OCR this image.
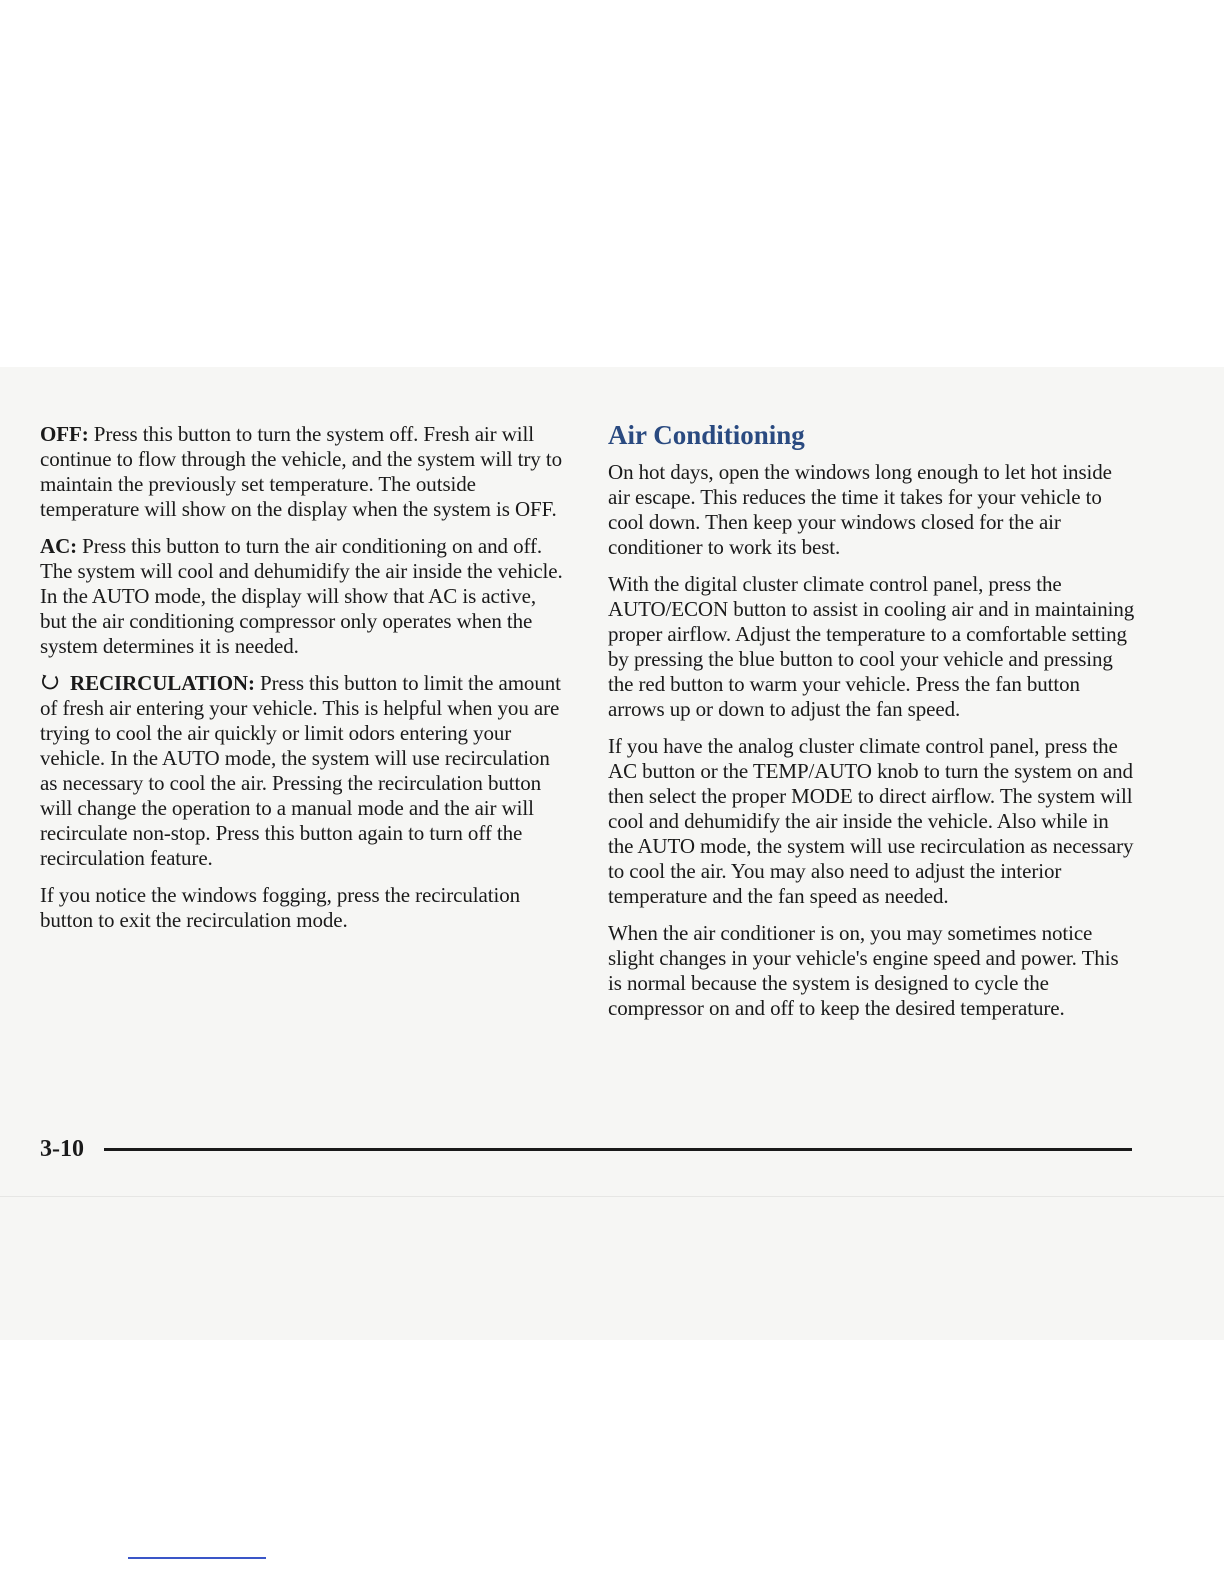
OFF: Press this button to turn the system off. Fresh air will continue to flow through the vehicle, and the system will try to maintain the previously set temperature. The outside temperature will show on the display when the system is OFF.

AC: Press this button to turn the air conditioning on and off. The system will cool and dehumidify the air inside the vehicle. In the AUTO mode, the display will show that AC is active, but the air conditioning compressor only operates when the system determines it is needed.

RECIRCULATION: Press this button to limit the amount of fresh air entering your vehicle. This is helpful when you are trying to cool the air quickly or limit odors entering your vehicle. In the AUTO mode, the system will use recirculation as necessary to cool the air. Pressing the recirculation button will change the operation to a manual mode and the air will recirculate non-stop. Press this button again to turn off the recirculation feature.

If you notice the windows fogging, press the recirculation button to exit the recirculation mode.

Air Conditioning

On hot days, open the windows long enough to let hot inside air escape. This reduces the time it takes for your vehicle to cool down. Then keep your windows closed for the air conditioner to work its best.

With the digital cluster climate control panel, press the AUTO/ECON button to assist in cooling air and in maintaining proper airflow. Adjust the temperature to a comfortable setting by pressing the blue button to cool your vehicle and pressing the red button to warm your vehicle. Press the fan button arrows up or down to adjust the fan speed.

If you have the analog cluster climate control panel, press the AC button or the TEMP/AUTO knob to turn the system on and then select the proper MODE to direct airflow. The system will cool and dehumidify the air inside the vehicle. Also while in the AUTO mode, the system will use recirculation as necessary to cool the air. You may also need to adjust the interior temperature and the fan speed as needed.

When the air conditioner is on, you may sometimes notice slight changes in your vehicle's engine speed and power. This is normal because the system is designed to cycle the compressor on and off to keep the desired temperature.

3-10
